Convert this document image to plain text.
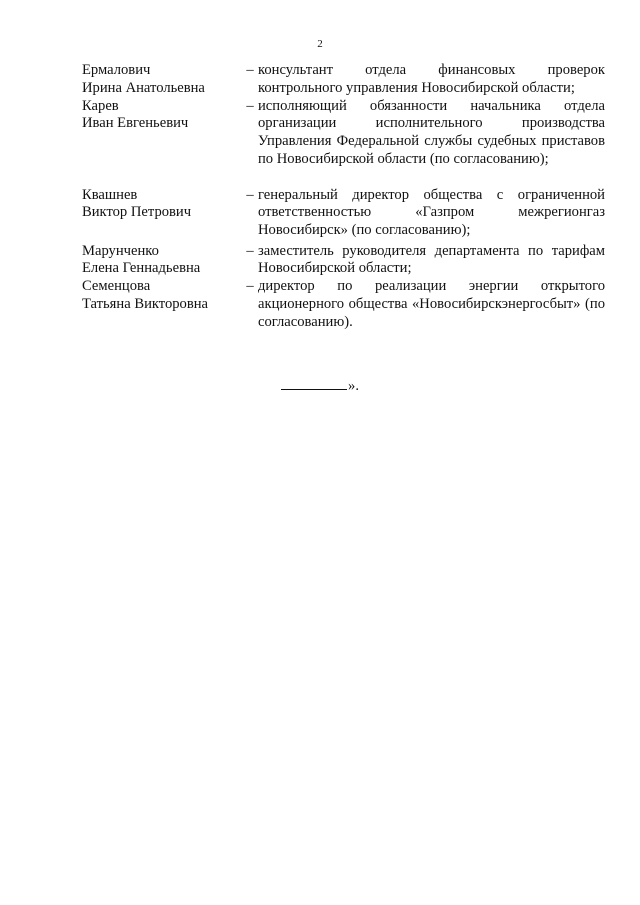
2
Ермалович
Ирина Анатольевна
– консультант отдела финансовых проверок контрольного управления Новосибирской области;
Карев
Иван Евгеньевич
– исполняющий обязанности начальника отдела организации исполнительного производства Управления Федеральной службы судебных приставов по Новосибирской области (по согласованию);
Квашнев
Виктор Петрович
– генеральный директор общества с ограниченной ответственностью «Газпром межрегионгаз Новосибирск» (по согласованию);
Марунченко
Елена Геннадьевна
– заместитель руководителя департамента по тарифам Новосибирской области;
Семенцова
Татьяна Викторовна
– директор по реализации энергии открытого акционерного общества «Новосибирскэнергосбыт» (по согласованию).
».
